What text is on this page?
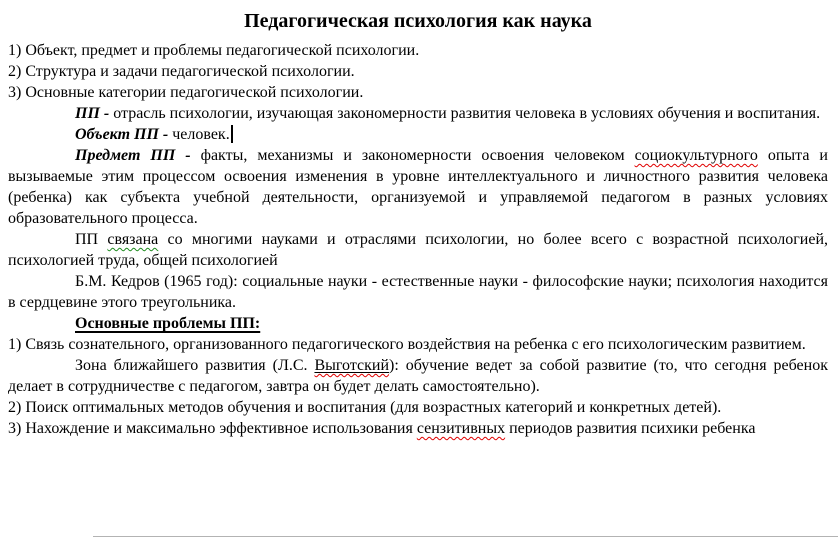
Педагогическая психология как наука

1) Объект, предмет и проблемы педагогической психологии.

2) Структура и задачи педагогической психологии.

3) Основные категории педагогической психологии.

ПП - отрасль психологии, изучающая закономерности развития человека в условиях обучения и воспитания.

Объект ПП - человек.

Предмет ПП - факты, механизмы и закономерности освоения человеком социокультурного опыта и вызываемые этим процессом освоения изменения в уровне интеллектуального и личностного развития человека (ребенка) как субъекта учебной деятельности, организуемой и управляемой педагогом в разных условиях образовательного процесса.

ПП связана со многими науками и отраслями психологии, но более всего с возрастной психологией, психологией труда, общей психологией

Б.М. Кедров (1965 год): социальные науки - естественные науки - философские науки; психология находится в сердцевине этого треугольника.

Основные проблемы ПП:

1) Связь сознательного, организованного педагогического воздействия на ребенка с его психологическим развитием.

Зона ближайшего развития (Л.С. Выготский): обучение ведет за собой развитие (то, что сегодня ребенок делает в сотрудничестве с педагогом, завтра он будет делать самостоятельно).

2) Поиск оптимальных методов обучения и воспитания (для возрастных категорий и конкретных детей).

3) Нахождение и максимально эффективное использования сензитивных периодов развития психики ребенка
